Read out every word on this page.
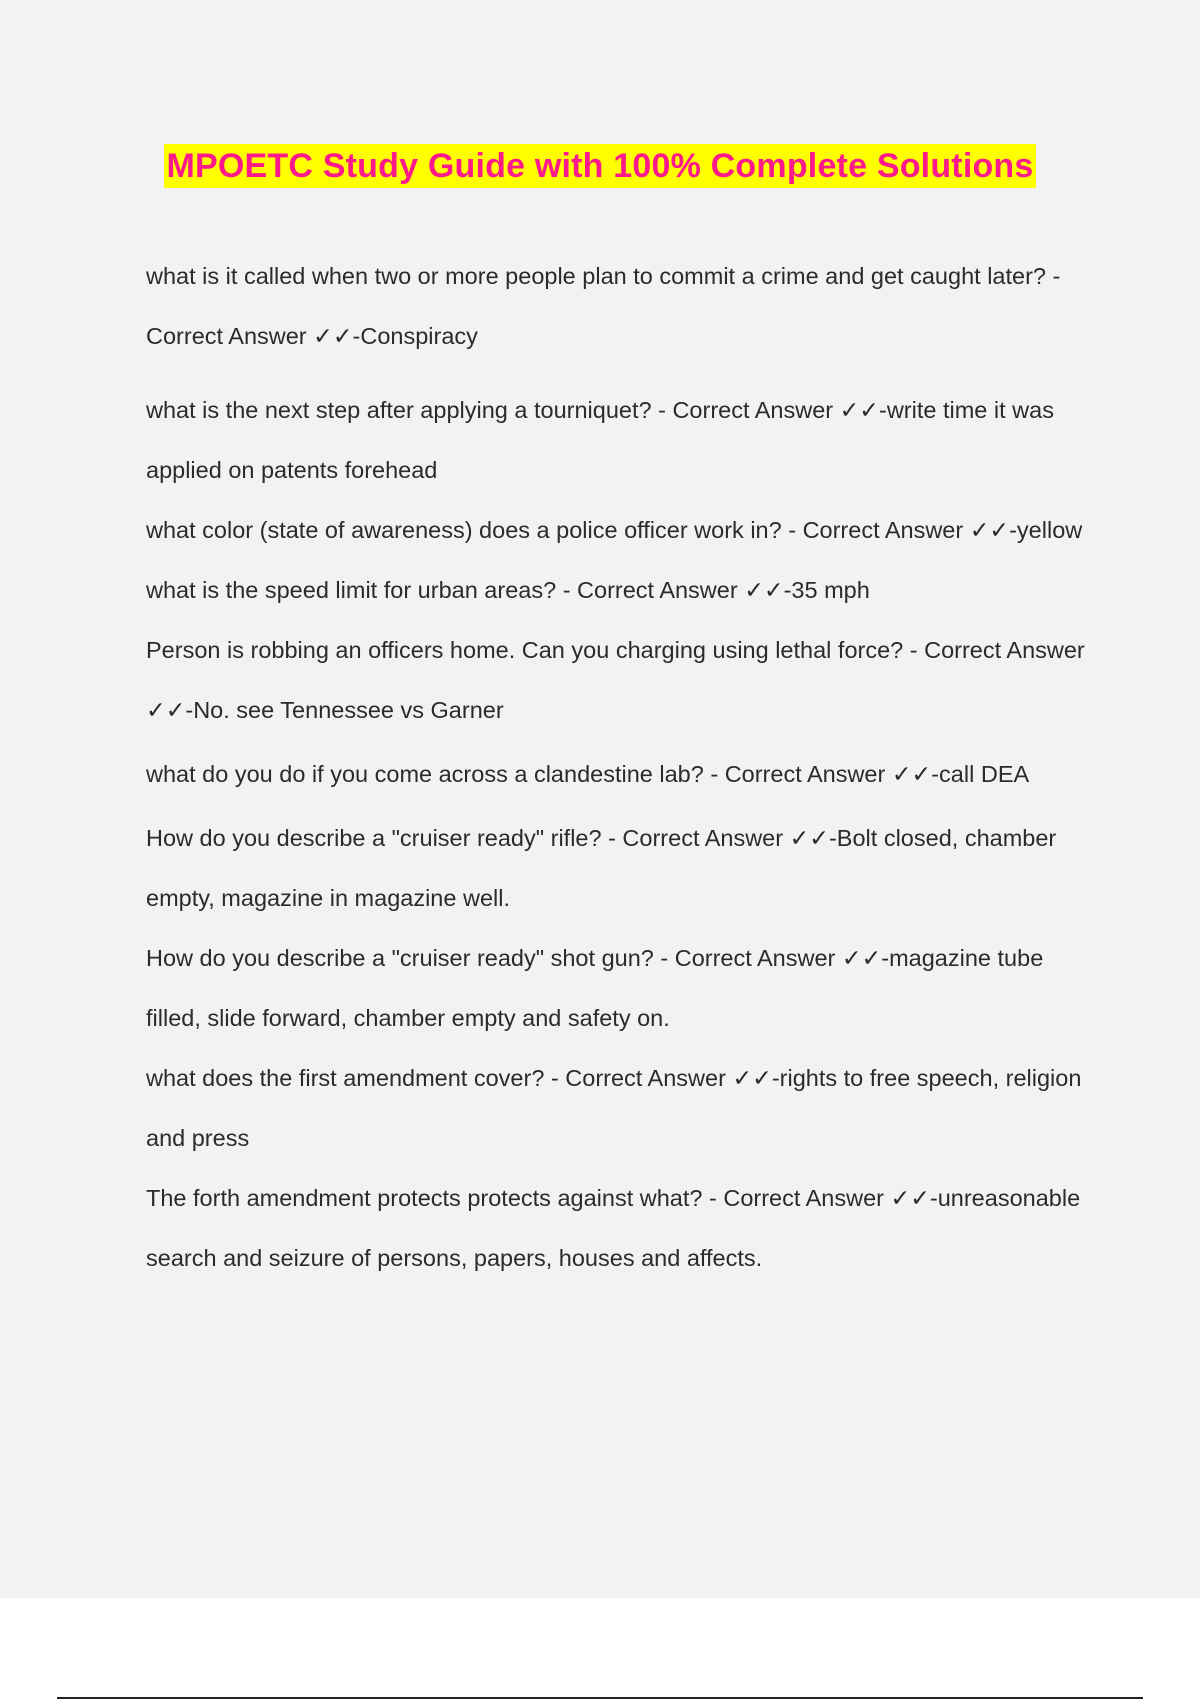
MPOETC Study Guide with 100% Complete Solutions
what is it called when two or more people plan to commit a crime and get caught later? - Correct Answer ✓✓-Conspiracy
what is the next step after applying a tourniquet? - Correct Answer ✓✓-write time it was applied on patents forehead
what color (state of awareness) does a police officer work in? - Correct Answer ✓✓-yellow
what is the speed limit for urban areas? - Correct Answer ✓✓-35 mph
Person is robbing an officers home. Can you charging using lethal force? - Correct Answer ✓✓-No. see Tennessee vs Garner
what do you do if you come across a clandestine lab? - Correct Answer ✓✓-call DEA
How do you describe a "cruiser ready" rifle? - Correct Answer ✓✓-Bolt closed, chamber empty, magazine in magazine well.
How do you describe a "cruiser ready" shot gun? - Correct Answer ✓✓-magazine tube filled, slide forward, chamber empty and safety on.
what does the first amendment cover? - Correct Answer ✓✓-rights to free speech, religion and press
The forth amendment protects protects against what? - Correct Answer ✓✓-unreasonable search and seizure of persons, papers, houses and affects.
